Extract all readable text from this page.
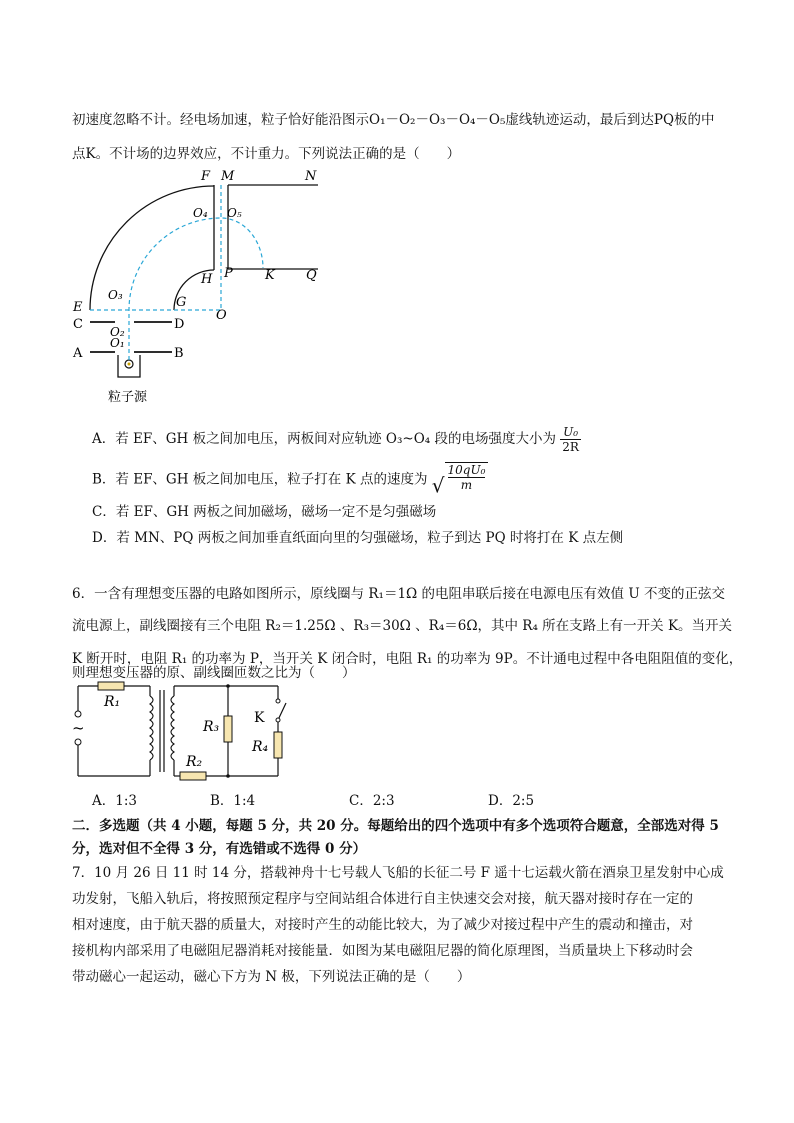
初速度忽略不计。经电场加速，粒子恰好能沿图示O₁－O₂－O₃－O₄－O₅虚线轨迹运动，最后到达PQ板的中
点K。不计场的边界效应，不计重力。下列说法正确的是（　　）
F M	N
O₄ O₅
H P K Q
E
O₃	G
O
C	D
O₂
O₁
A	B
粒子源
A．若 EF、GH 板之间加电压，两板间对应轨迹 O₃~O₄ 段的电场强度大小为 $\frac{\text{U₀}}{2R}$
B．若 EF、GH 板之间加电压，粒子打在 K 点的速度为 √ $\frac{\text{10qU₀}}{m}$
C．若 EF、GH 两板之间加磁场，磁场一定不是匀强磁场
D．若 MN、PQ 两板之间加垂直纸面向里的匀强磁场，粒子到达 PQ 时将打在 K 点左侧
6．一含有理想变压器的电路如图所示，原线圈与 R₁＝1Ω 的电阻串联后接在电源电压有效值 U 不变的正弦交
流电源上，副线圈接有三个电阻 R₂＝1.25Ω 、R₃＝30Ω 、R₄＝6Ω，其中 R₄ 所在支路上有一开关 K。当开关
K 断开时，电阻 R₁ 的功率为 P，当开关 K 闭合时，电阻 R₁ 的功率为 9P。不计通电过程中各电阻阻值的变化，
则理想变压器的原、副线圈匝数之比为（　　）
R₁
~	R₃
K
R₄
R₂
A．1:3	B．1:4	C．2:3	D．2:5
二．多选题（共 4 小题，每题 5 分，共 20 分。每题给出的四个选项中有多个选项符合题意，全部选对得 5
分，选对但不全得 3 分，有选错或不选得 0 分）
7．10 月 26 日 11 时 14 分，搭载神舟十七号载人飞船的长征二号 F 遥十七运载火箭在酒泉卫星发射中心成
功发射，飞船入轨后，将按照预定程序与空间站组合体进行自主快速交会对接，航天器对接时存在一定的
相对速度，由于航天器的质量大，对接时产生的动能比较大，为了减少对接过程中产生的震动和撞击，对
接机构内部采用了电磁阻尼器消耗对接能量．如图为某电磁阻尼器的简化原理图，当质量块上下移动时会
带动磁心一起运动，磁心下方为 N 极，下列说法正确的是（　　）
